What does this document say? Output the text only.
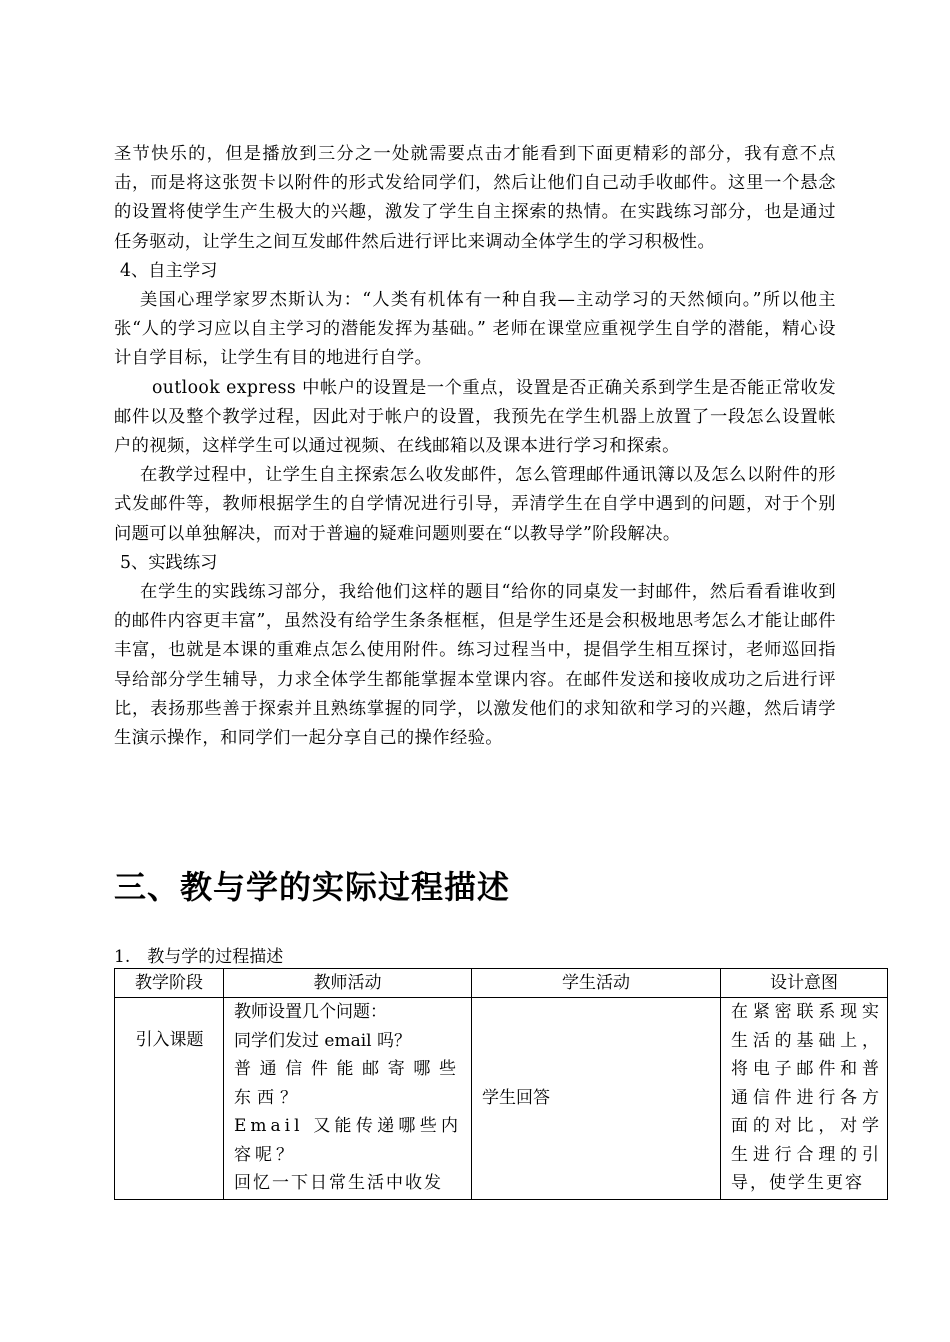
圣节快乐的，但是播放到三分之一处就需要点击才能看到下面更精彩的部分，我有意不点击，而是将这张贺卡以附件的形式发给同学们，然后让他们自己动手收邮件。这里一个悬念的设置将使学生产生极大的兴趣，激发了学生自主探索的热情。在实践练习部分，也是通过任务驱动，让学生之间互发邮件然后进行评比来调动全体学生的学习积极性。

4、自主学习

美国心理学家罗杰斯认为：“人类有机体有一种自我—主动学习的天然倾向。”所以他主张“人的学习应以自主学习的潜能发挥为基础。” 老师在课堂应重视学生自学的潜能，精心设计自学目标，让学生有目的地进行自学。

outlook express 中帐户的设置是一个重点，设置是否正确关系到学生是否能正常收发邮件以及整个教学过程，因此对于帐户的设置，我预先在学生机器上放置了一段怎么设置帐户的视频，这样学生可以通过视频、在线邮箱以及课本进行学习和探索。

在教学过程中，让学生自主探索怎么收发邮件，怎么管理邮件通讯簿以及怎么以附件的形式发邮件等，教师根据学生的自学情况进行引导，弄清学生在自学中遇到的问题，对于个别问题可以单独解决，而对于普遍的疑难问题则要在“以教导学”阶段解决。

5、实践练习

在学生的实践练习部分，我给他们这样的题目“给你的同桌发一封邮件，然后看看谁收到的邮件内容更丰富”，虽然没有给学生条条框框，但是学生还是会积极地思考怎么才能让邮件丰富，也就是本课的重难点怎么使用附件。练习过程当中，提倡学生相互探讨，老师巡回指导给部分学生辅导，力求全体学生都能掌握本堂课内容。在邮件发送和接收成功之后进行评比，表扬那些善于探索并且熟练掌握的同学，以激发他们的求知欲和学习的兴趣，然后请学生演示操作，和同学们一起分享自己的操作经验。

三、教与学的实际过程描述

1.　教与学的过程描述

教学阶段	教师活动	学生活动	设计意图
引入课题	教师设置几个问题：
同学们发过 email 吗？
普通信件能邮寄哪些东西？
Email 又能传递哪些内容呢？
回忆一下日常生活中收发	学生回答	在紧密联系现实生活的基础上，将电子邮件和普通信件进行各方面的对比，对学生进行合理的引导，使学生更容
